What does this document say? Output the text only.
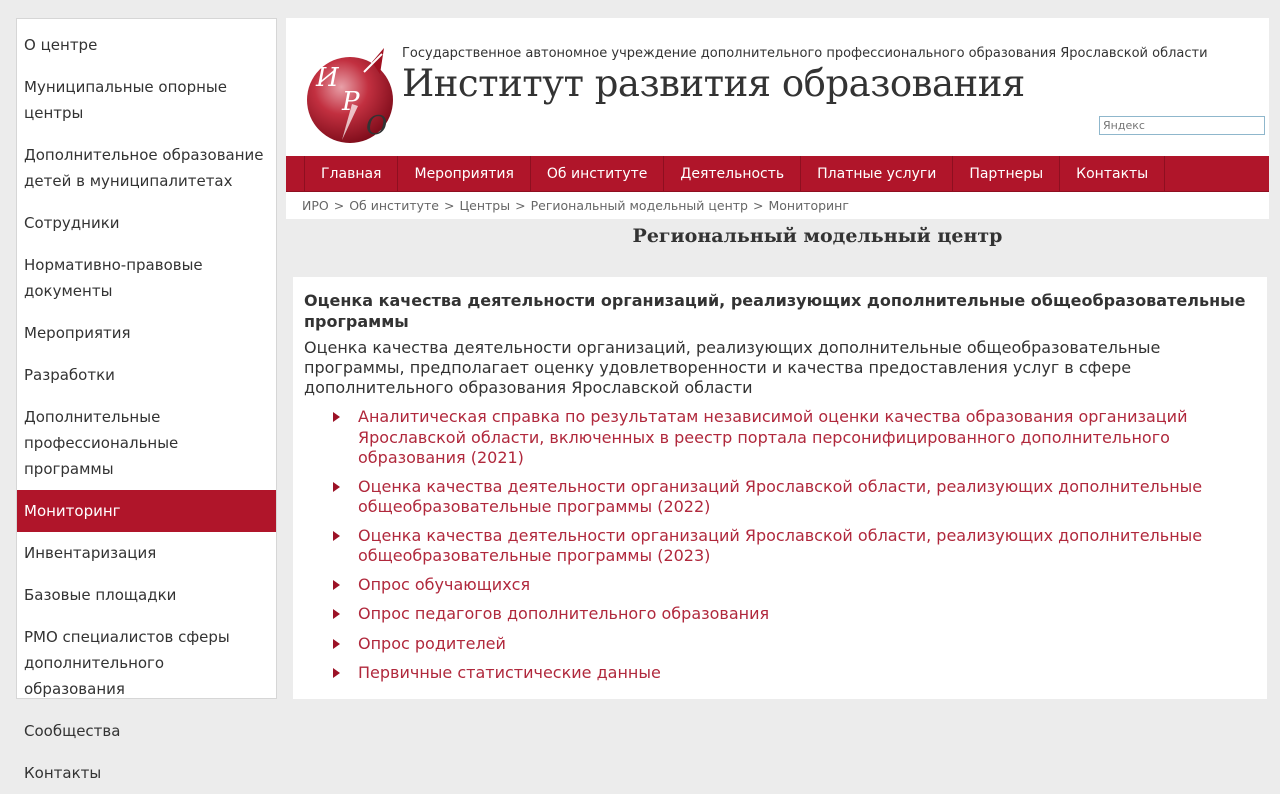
О центре
Муниципальные опорные центры
Дополнительное образование детей в муниципалитетах
Сотрудники
Нормативно-правовые документы
Мероприятия
Разработки
Дополнительные профессиональные программы
Мониторинг
Инвентаризация
Базовые площадки
РМО специалистов сферы дополнительного образования
Сообщества
Контакты
И
Р
О
Государственное автономное учреждение дополнительного профессионального образования Ярославской области
Институт развития образования
Яндекс
Главная	Мероприятия	Об институте	Деятельность	Платные услуги	Партнеры	Контакты
ИРО > Об институте > Центры > Региональный модельный центр > Мониторинг
Региональный модельный центр
Оценка качества деятельности организаций, реализующих дополнительные общеобразовательные программы

Оценка качества деятельности организаций, реализующих дополнительные общеобразовательные программы, предполагает оценку удовлетворенности и качества предоставления услуг в сфере дополнительного образования Ярославской области

Аналитическая справка по результатам независимой оценки качества образования организаций Ярославской области, включенных в реестр портала персонифицированного дополнительного образования (2021)
Оценка качества деятельности организаций Ярославской области, реализующих дополнительные общеобразовательные программы (2022)
Оценка качества деятельности организаций Ярославской области, реализующих дополнительные общеобразовательные программы (2023)
Опрос обучающихся
Опрос педагогов дополнительного образования
Опрос родителей
Первичные статистические данные
